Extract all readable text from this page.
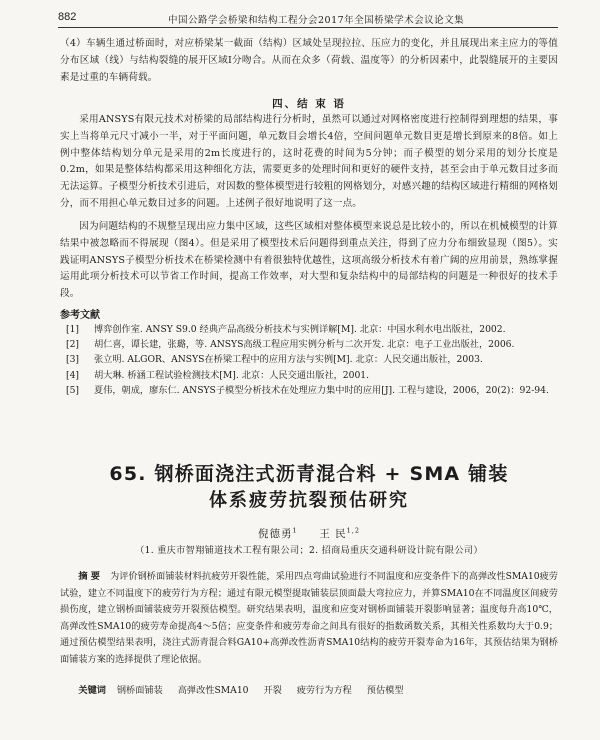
882	中国公路学会桥梁和结构工程分会2017年全国桥梁学术会议论文集
（4）车辆生通过桥面时，对应桥梁某一截面（结构）区域处呈现拉拉、压应力的变化，并且展现出来主应力的等值分布区域（线）与结构裂缝的展开区域Ⅰ分吻合。从而在众多（荷载、温度等）的分析因素中，此裂缝展开的主要因素是过重的车辆荷载。
四、结 束 语
采用ANSYS有限元技术对桥梁的局部结构进行分析时，虽然可以通过对网格密度进行控制得到理想的结果，事实上当将单元尺寸减小一半，对于平面问题，单元数目会增长4倍，空间问题单元数目更是增长到原来的8倍。如上例中整体结构划分单元是采用的2m长度进行的，这时花费的时间为5分钟；而子模型的划分采用的划分长度是0.2m，如果是整体结构都采用这种细化方法，需要更多的处理时间和更好的硬件支持，甚至会由于单元数目过多而无法运算。子模型分析技术引进后，对因数的整体模型进行较粗的网格划分，对感兴趣的结构区域进行精细的网格划分，而不用担心单元数目过多的问题。上述例子很好地说明了这一点。
因为问题结构的不规整呈现出应力集中区域，这些区域相对整体模型来说总是比较小的，所以在机械模型的计算结果中被忽略而不得展现（图4）。但是采用了模型技术后问题得到重点关注，得到了应力分布细致显现（图5）。实践证明ANSYS子模型分析技术在桥梁检测中有着很独特优越性，这项高级分析技术有着广阔的应用前景，熟练掌握运用此项分析技术可以节省工作时间，提高工作效率，对大型和复杂结构中的局部结构的问题是一种很好的技术手段。
参考文献
[1] 博弈创作室. ANSY S9.0 经典产品高级分析技术与实例详解[M]. 北京：中国水利水电出版社，2002.
[2] 胡仁喜，谭长建，张璐，等. ANSYS高级工程应用实例分析与二次开发. 北京：电子工业出版社，2006.
[3] 张立明. ALGOR、ANSYS在桥梁工程中的应用方法与实例[M]. 北京：人民交通出版社，2003.
[4] 胡大琳. 桥涵工程试验检测技术[M]. 北京：人民交通出版社，2001.
[5] 夏伟，朝成，廖东仁. ANSYS子模型分析技术在处理应力集中时的应用[J]. 工程与建设，2006，20(2)：92-94.
65. 钢桥面浇注式沥青混合料 + SMA 铺装
体系疲劳抗裂预估研究
倪德勇$^1$ 王 民$^{1,2}$
（1. 重庆市智翔铺道技术工程有限公司；2. 招商局重庆交通科研设计院有限公司）
摘 要 为评价钢桥面铺装材料抗疲劳开裂性能，采用四点弯曲试验进行不同温度和应变条件下的高弹改性SMA10疲劳试验，建立不同温度下的疲劳行为方程；通过有限元模型提取铺装层顶面最大弯拉应力，并算SMA10在不同温度区间疲劳损伤度，建立钢桥面铺装疲劳开裂预估模型。研究结果表明，温度和应变对钢桥面铺装开裂影响显著；温度每升高10℃，高弹改性SMA10的疲劳寿命提高4～5倍；应变条件和疲劳寿命之间具有很好的指数函数关系，其相关性系数均大于0.9；通过预估模型结果表明，浇注式沥青混合料GA10+高弹改性沥青SMA10结构的疲劳开裂寿命为16年，其预估结果为钢桥面铺装方案的选择提供了理论依据。
关键词 钢桥面铺装 高弹改性SMA10 开裂 疲劳行为方程 预估模型
